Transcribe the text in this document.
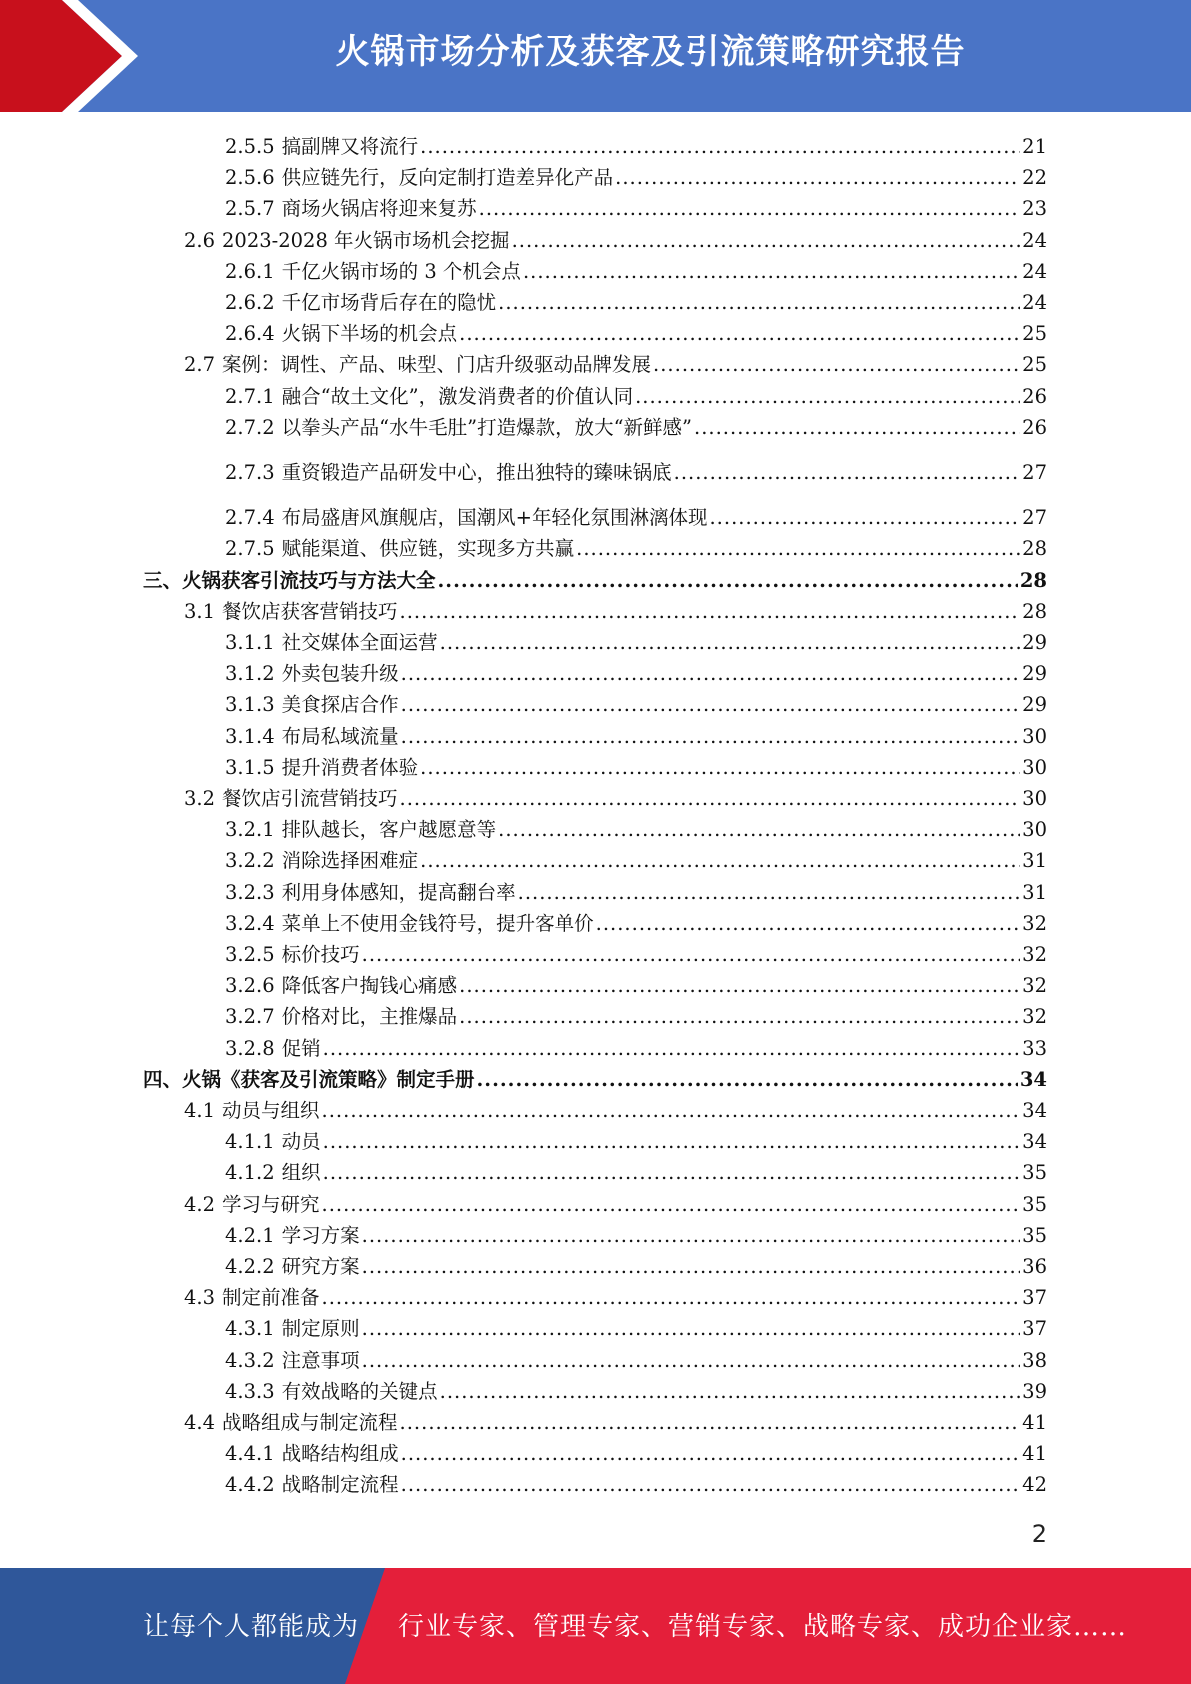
火锅市场分析及获客及引流策略研究报告
2.5.5 搞副牌又将流行 .....	21
2.5.6 供应链先行，反向定制打造差异化产品 .....	22
2.5.7 商场火锅店将迎来复苏 .....	23
2.6 2023-2028 年火锅市场机会挖掘 .....	24
2.6.1 千亿火锅市场的 3 个机会点 .....	24
2.6.2 千亿市场背后存在的隐忧 .....	24
2.6.4 火锅下半场的机会点 .....	25
2.7 案例：调性、产品、味型、门店升级驱动品牌发展 .....	25
2.7.1 融合“故土文化”，激发消费者的价值认同 .....	26
2.7.2 以拳头产品“水牛毛肚”打造爆款，放大“新鲜感” .....	26
2.7.3 重资锻造产品研发中心，推出独特的臻味锅底 .....	27
2.7.4 布局盛唐风旗舰店，国潮风+年轻化氛围淋漓体现 .....	27
2.7.5 赋能渠道、供应链，实现多方共赢 .....	28
三、火锅获客引流技巧与方法大全 .....	28
3.1 餐饮店获客营销技巧 .....	28
3.1.1 社交媒体全面运营 .....	29
3.1.2 外卖包装升级 .....	29
3.1.3 美食探店合作 .....	29
3.1.4 布局私域流量 .....	30
3.1.5 提升消费者体验 .....	30
3.2 餐饮店引流营销技巧 .....	30
3.2.1 排队越长，客户越愿意等 .....	30
3.2.2 消除选择困难症 .....	31
3.2.3 利用身体感知，提高翻台率 .....	31
3.2.4 菜单上不使用金钱符号，提升客单价 .....	32
3.2.5 标价技巧 .....	32
3.2.6 降低客户掏钱心痛感 .....	32
3.2.7 价格对比，主推爆品 .....	32
3.2.8 促销 .....	33
四、火锅《获客及引流策略》制定手册 .....	34
4.1 动员与组织 .....	34
4.1.1 动员 .....	34
4.1.2 组织 .....	35
4.2 学习与研究 .....	35
4.2.1 学习方案 .....	35
4.2.2 研究方案 .....	36
4.3 制定前准备 .....	37
4.3.1 制定原则 .....	37
4.3.2 注意事项 .....	38
4.3.3 有效战略的关键点 .....	39
4.4 战略组成与制定流程 .....	41
4.4.1 战略结构组成 .....	41
4.4.2 战略制定流程 .....	42
2
让每个人都能成为 行业专家、管理专家、营销专家、战略专家、成功企业家……
